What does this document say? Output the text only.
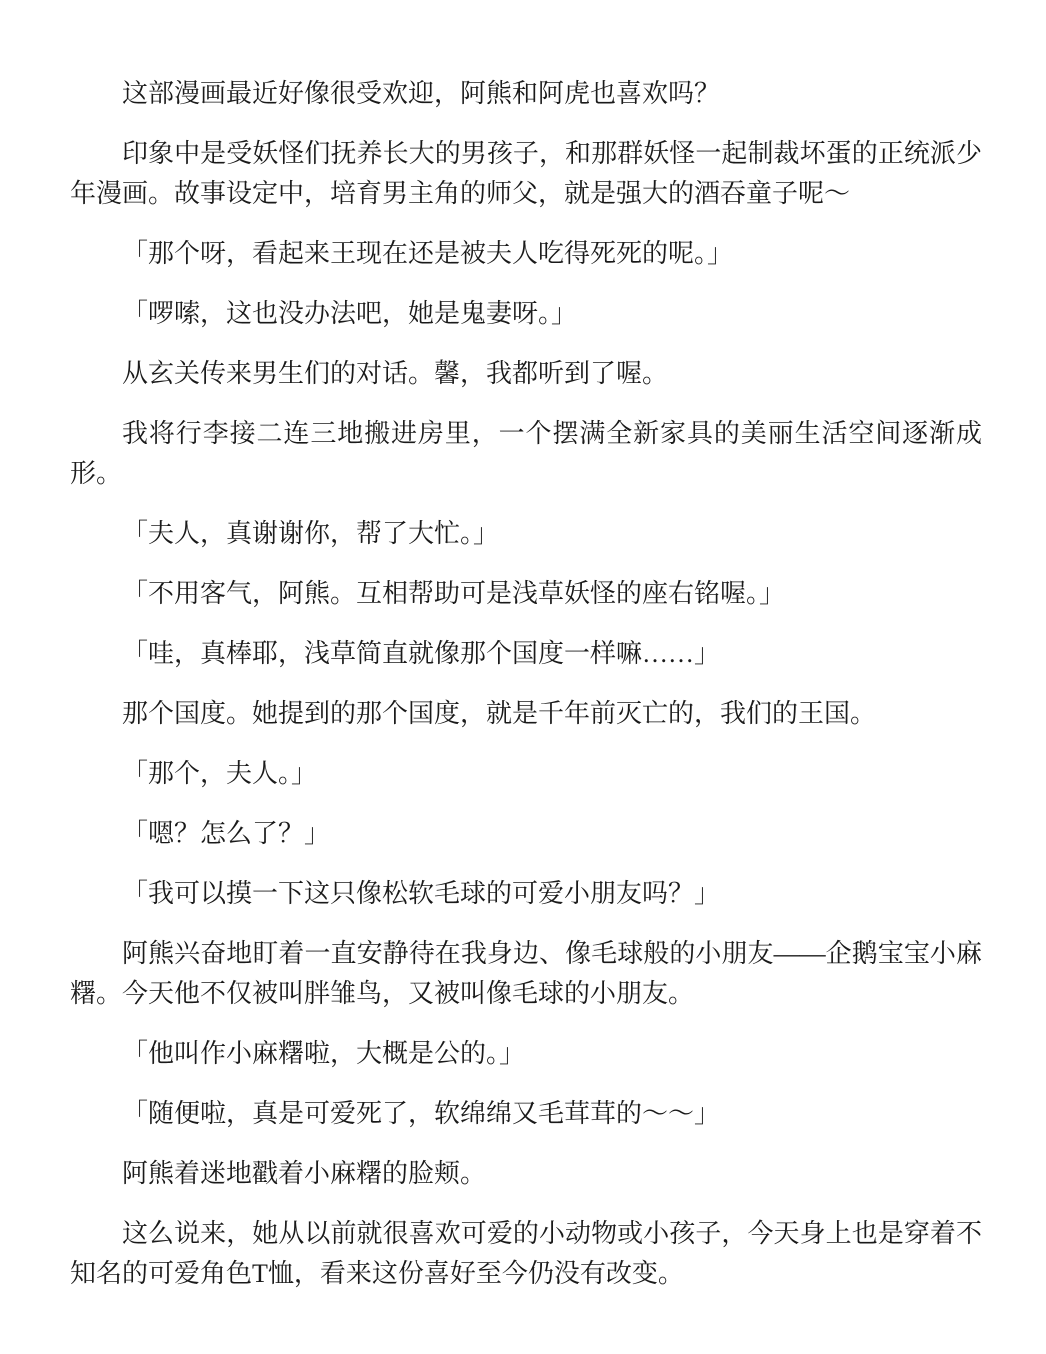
这部漫画最近好像很受欢迎，阿熊和阿虎也喜欢吗？

印象中是受妖怪们抚养长大的男孩子，和那群妖怪一起制裁坏蛋的正统派少年漫画。故事设定中，培育男主角的师父，就是强大的酒吞童子呢～

「那个呀，看起来王现在还是被夫人吃得死死的呢。」

「啰嗦，这也没办法吧，她是鬼妻呀。」

从玄关传来男生们的对话。馨，我都听到了喔。

我将行李接二连三地搬进房里，一个摆满全新家具的美丽生活空间逐渐成形。

「夫人，真谢谢你，帮了大忙。」

「不用客气，阿熊。互相帮助可是浅草妖怪的座右铭喔。」

「哇，真棒耶，浅草简直就像那个国度一样嘛……」

那个国度。她提到的那个国度，就是千年前灭亡的，我们的王国。

「那个，夫人。」

「嗯？怎么了？」

「我可以摸一下这只像松软毛球的可爱小朋友吗？」

阿熊兴奋地盯着一直安静待在我身边、像毛球般的小朋友——企鹅宝宝小麻糬。今天他不仅被叫胖雏鸟，又被叫像毛球的小朋友。

「他叫作小麻糬啦，大概是公的。」

「随便啦，真是可爱死了，软绵绵又毛茸茸的～～」

阿熊着迷地戳着小麻糬的脸颊。

这么说来，她从以前就很喜欢可爱的小动物或小孩子，今天身上也是穿着不知名的可爱角色T恤，看来这份喜好至今仍没有改变。
